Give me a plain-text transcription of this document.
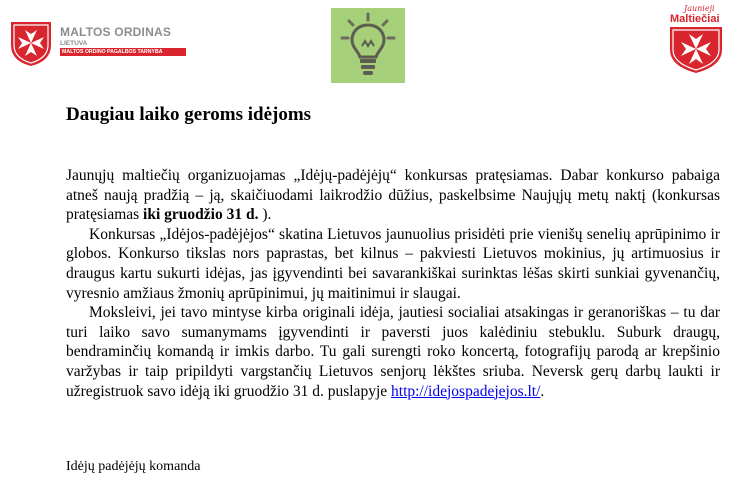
MALTOS ORDINAS
LIETUVA
MALTOS ORDINO PAGALBOS TARNYBA
Jaunieji
Maltiečiai
Daugiau laiko geroms idėjoms

Jaunųjų maltiečių organizuojamas „Idėjų-padėjėjų“ konkursas pratęsiamas. Dabar konkurso pabaiga atneš naują pradžią – ją, skaičiuodami laikrodžio dūžius, paskelbsime Naujųjų metų naktį (konkursas pratęsiamas iki gruodžio 31 d. ).

Konkursas „Idėjos-padėjėjos“ skatina Lietuvos jaunuolius prisidėti prie vienišų senelių aprūpinimo ir globos. Konkurso tikslas nors paprastas, bet kilnus – pakviesti Lietuvos mokinius, jų artimuosius ir draugus kartu sukurti idėjas, jas įgyvendinti bei savarankiškai surinktas lėšas skirti sunkiai gyvenančių, vyresnio amžiaus žmonių aprūpinimui, jų maitinimui ir slaugai.

Moksleivi, jei tavo mintyse kirba originali idėja, jautiesi socialiai atsakingas ir geranoriškas – tu dar turi laiko savo sumanymams įgyvendinti ir paversti juos kalėdiniu stebuklu. Suburk draugų, bendraminčių komandą ir imkis darbo. Tu gali surengti roko koncertą, fotografijų parodą ar krepšinio varžybas ir taip pripildyti vargstančių Lietuvos senjorų lėkštes sriuba. Neversk gerų darbų laukti ir užregistruok savo idėją iki gruodžio 31 d. puslapyje http://idejospadejejos.lt/.

Idėjų padėjėjų komanda
